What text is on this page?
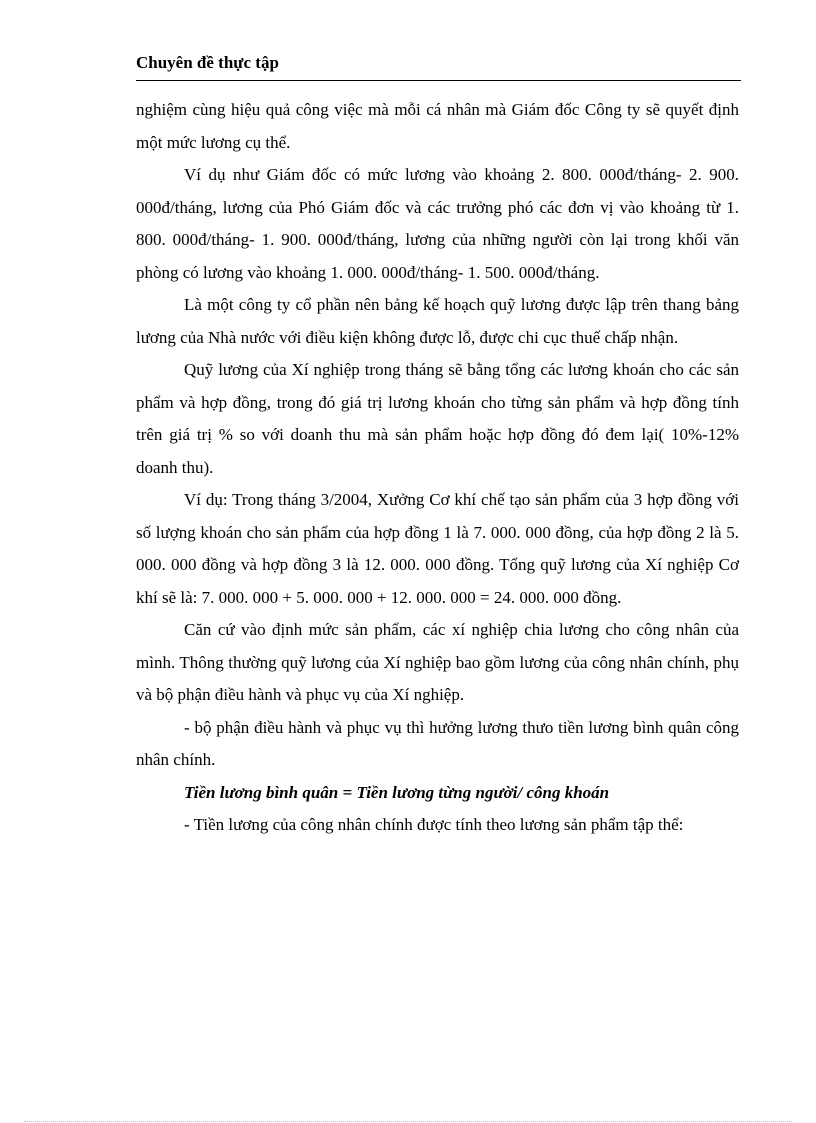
Chuyên đề thực tập

nghiệm cùng hiệu quả công việc mà mỗi cá nhân mà Giám đốc Công ty sẽ quyết định một mức lương cụ thể.

Ví dụ như Giám đốc có mức lương vào khoảng 2. 800. 000đ/tháng- 2. 900. 000đ/tháng, lương của Phó Giám đốc và các trưởng phó các đơn vị vào khoảng từ 1. 800. 000đ/tháng- 1. 900. 000đ/tháng, lương của những người còn lại trong khối văn phòng có lương vào khoảng 1. 000. 000đ/tháng- 1. 500. 000đ/tháng.

Là một công ty cổ phần nên bảng kế hoạch quỹ lương được lập trên thang bảng lương của Nhà nước với điều kiện không được lỗ, được chi cục thuế chấp nhận.

Quỹ lương của Xí nghiệp trong tháng sẽ bằng tổng các lương khoán cho các sản phẩm và hợp đồng, trong đó giá trị lương khoán cho từng sản phẩm và hợp đồng tính trên giá trị % so với doanh thu mà sản phẩm hoặc hợp đồng đó đem lại( 10%-12% doanh thu).

Ví dụ: Trong tháng 3/2004, Xưởng Cơ khí chế tạo sản phẩm của 3 hợp đồng với số lượng khoán cho sản phẩm của hợp đồng 1 là 7. 000. 000 đồng, của hợp đồng 2 là 5. 000. 000 đồng và hợp đồng 3 là 12. 000. 000 đồng. Tổng quỹ lương của Xí nghiệp Cơ khí sẽ là: 7. 000. 000 + 5. 000. 000 + 12. 000. 000 = 24. 000. 000 đồng.

Căn cứ vào định mức sản phẩm, các xí nghiệp chia lương cho công nhân của mình. Thông thường quỹ lương của Xí nghiệp bao gồm lương của công nhân chính, phụ và bộ phận điều hành và phục vụ của Xí nghiệp.

- bộ phận điều hành và phục vụ thì hưởng lương thưo tiền lương bình quân công nhân chính.

Tiền lương bình quân = Tiền lương từng người/ công khoán

- Tiền lương của công nhân chính được tính theo lương sản phẩm tập thể:
